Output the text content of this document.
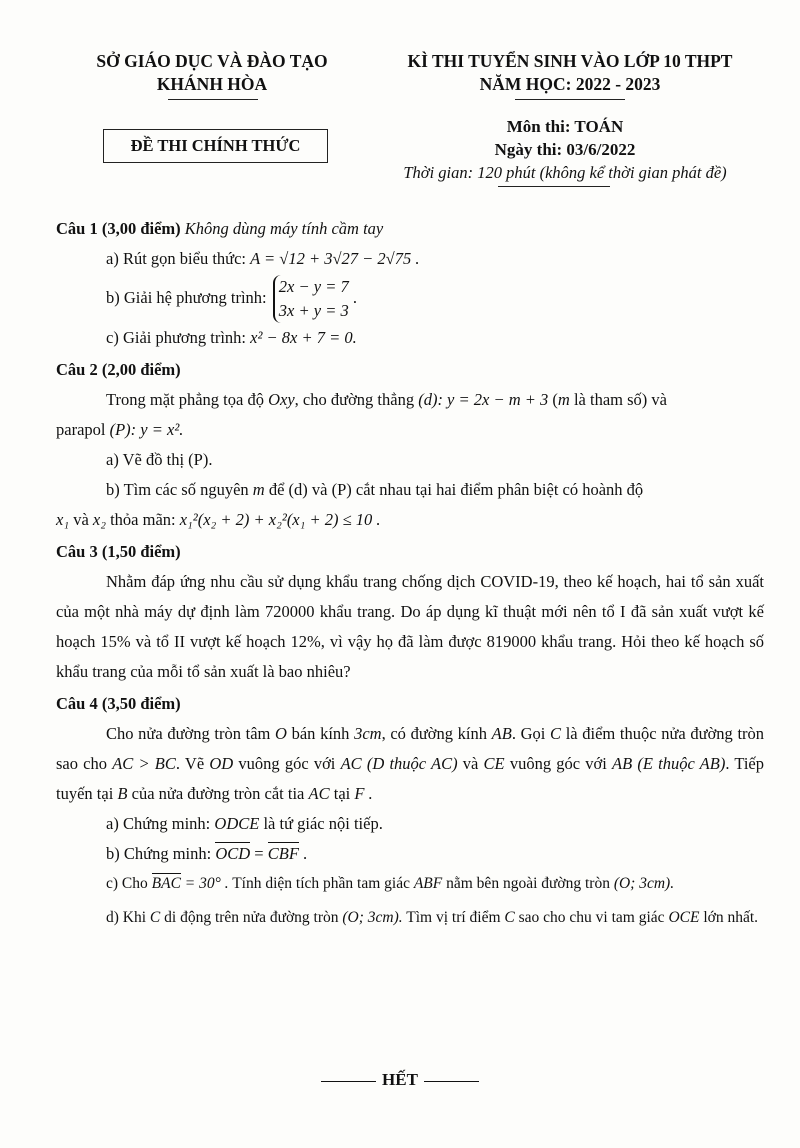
SỞ GIÁO DỤC VÀ ĐÀO TẠO
KHÁNH HÒA
KÌ THI TUYỂN SINH VÀO LỚP 10 THPT
NĂM HỌC: 2022 - 2023
ĐỀ THI CHÍNH THỨC
Môn thi: TOÁN
Ngày thi: 03/6/2022
Thời gian: 120 phút (không kể thời gian phát đề)

Câu 1 (3,00 điểm) Không dùng máy tính cầm tay

a) Rút gọn biểu thức: A = √12 + 3√27 − 2√75 .

b) Giải hệ phương trình:
2x − y = 7
3x + y = 3
.

c) Giải phương trình: x² − 8x + 7 = 0.

Câu 2 (2,00 điểm)

Trong mặt phẳng tọa độ Oxy, cho đường thẳng (d): y = 2x − m + 3 (m là tham số) và

parapol (P): y = x².

a) Vẽ đồ thị (P).

b) Tìm các số nguyên m để (d) và (P) cắt nhau tại hai điểm phân biệt có hoành độ

x₁ và x₂ thỏa mãn: x₁²(x₂ + 2) + x₂²(x₁ + 2) ≤ 10 .

Câu 3 (1,50 điểm)

Nhằm đáp ứng nhu cầu sử dụng khẩu trang chống dịch COVID-19, theo kế hoạch, hai tổ sản xuất của một nhà máy dự định làm 720000 khẩu trang. Do áp dụng kĩ thuật mới nên tổ I đã sản xuất vượt kế hoạch 15% và tổ II vượt kế hoạch 12%, vì vậy họ đã làm được 819000 khẩu trang. Hỏi theo kế hoạch số khẩu trang của mỗi tổ sản xuất là bao nhiêu?

Câu 4 (3,50 điểm)

Cho nửa đường tròn tâm O bán kính 3cm, có đường kính AB. Gọi C là điểm thuộc nửa đường tròn sao cho AC > BC. Vẽ OD vuông góc với AC (D thuộc AC) và CE vuông góc với AB (E thuộc AB). Tiếp tuyến tại B của nửa đường tròn cắt tia AC tại F .

a) Chứng minh: ODCE là tứ giác nội tiếp.

b) Chứng minh: OCD = CBF .

c) Cho BAC = 30° . Tính diện tích phần tam giác ABF nằm bên ngoài đường tròn (O; 3cm).

d) Khi C di động trên nửa đường tròn (O; 3cm). Tìm vị trí điểm C sao cho chu vi tam giác OCE lớn nhất.

HẾT
